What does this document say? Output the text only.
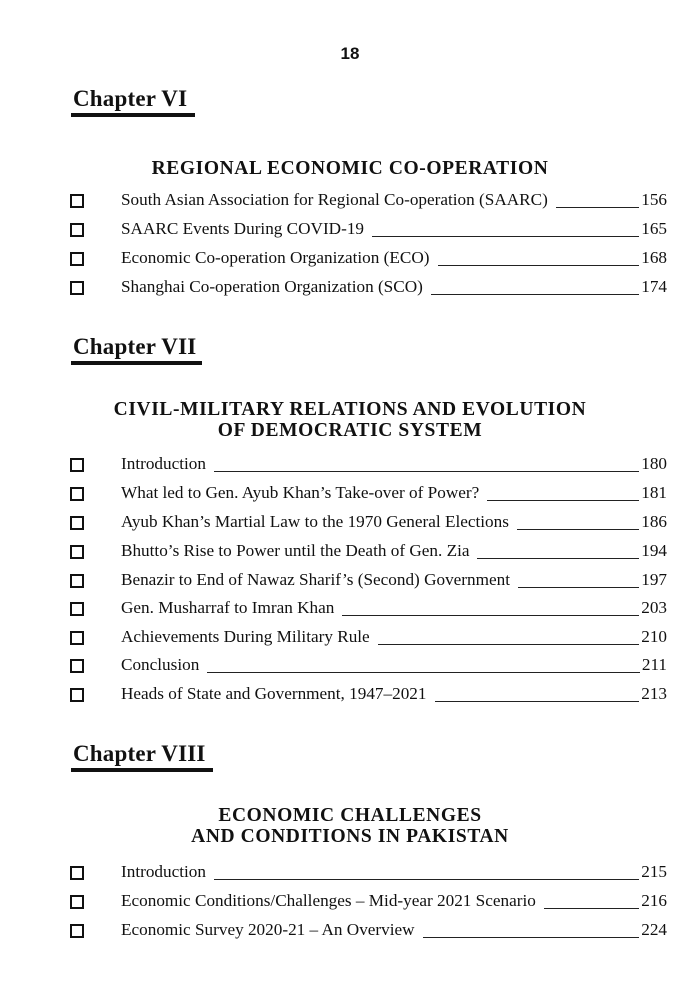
18
Chapter VI
REGIONAL ECONOMIC CO-OPERATION
South Asian Association for Regional Co-operation (SAARC)	156
SAARC Events During COVID-19	165
Economic Co-operation Organization (ECO)	168
Shanghai Co-operation Organization (SCO)	174
Chapter VII
CIVIL-MILITARY RELATIONS AND EVOLUTION
OF DEMOCRATIC SYSTEM
Introduction	180
What led to Gen. Ayub Khan’s Take-over of Power?	181
Ayub Khan’s Martial Law to the 1970 General Elections	186
Bhutto’s Rise to Power until the Death of Gen. Zia	194
Benazir to End of Nawaz Sharif’s (Second) Government	197
Gen. Musharraf to Imran Khan	203
Achievements During Military Rule	210
Conclusion	211
Heads of State and Government, 1947–2021	213
Chapter VIII
ECONOMIC CHALLENGES
AND CONDITIONS IN PAKISTAN
Introduction	215
Economic Conditions/Challenges – Mid-year 2021 Scenario	216
Economic Survey 2020-21 – An Overview	224
